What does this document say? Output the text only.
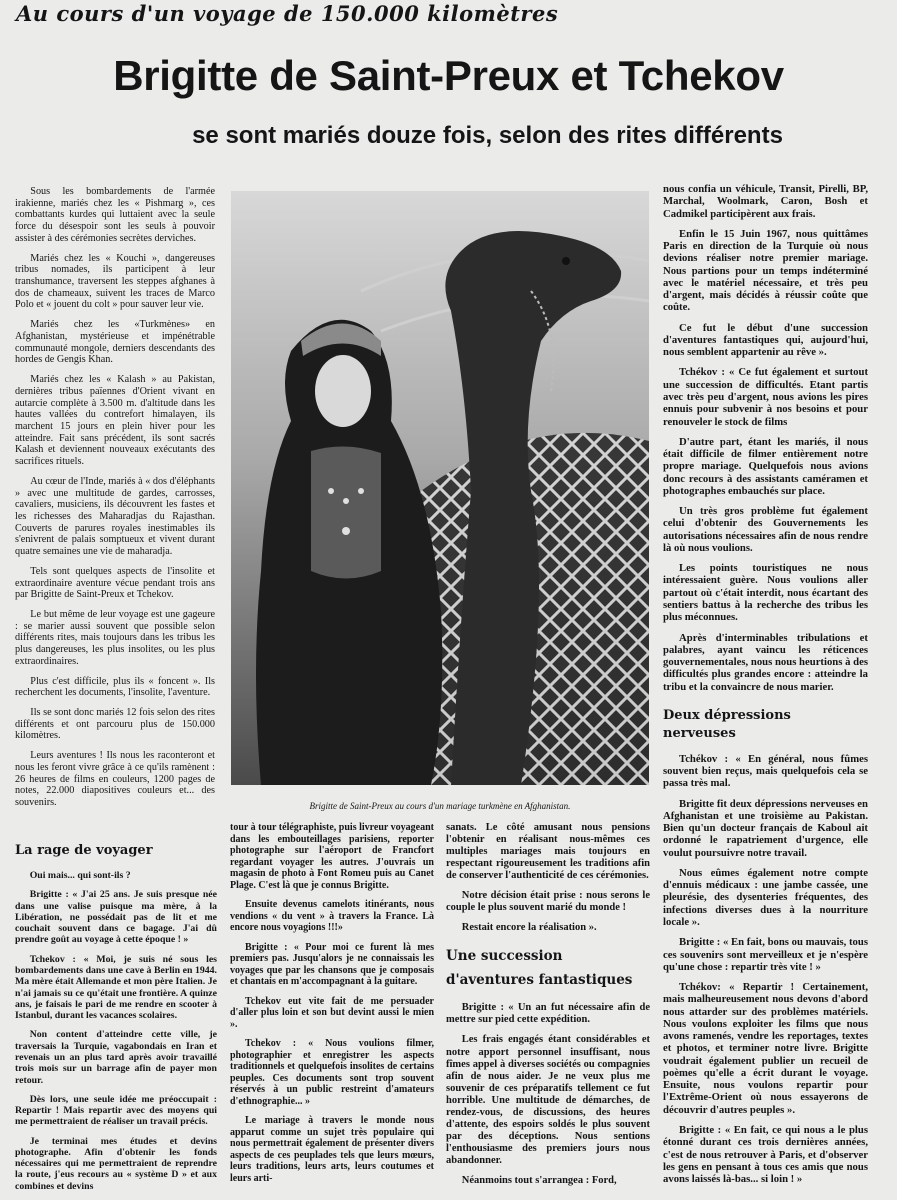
Au cours d'un voyage de 150.000 kilomètres
Brigitte de Saint-Preux et Tchekov
se sont mariés douze fois, selon des rites différents

Sous les bombardements de l'armée irakienne, mariés chez les « Pishmarg », ces combattants kurdes qui luttaient avec la seule force du désespoir sont les seuls à pouvoir assister à des cérémonies secrètes derviches.

Mariés chez les « Kouchi », dangereuses tribus nomades, ils participent à leur transhumance, traversent les steppes afghanes à dos de chameaux, suivent les traces de Marco Polo et « jouent du colt » pour sauver leur vie.

Mariés chez les «Turkmènes» en Afghanistan, mystérieuse et impénétrable communauté mongole, derniers descendants des hordes de Gengis Khan.

Mariés chez les « Kalash » au Pakistan, dernières tribus païennes d'Orient vivant en autarcie complète à 3.500 m. d'altitude dans les hautes vallées du contrefort himalayen, ils marchent 15 jours en plein hiver pour les atteindre. Fait sans précédent, ils sont sacrés Kalash et deviennent nouveaux exécutants des sacrifices rituels.

Au cœur de l'Inde, mariés à « dos d'éléphants » avec une multitude de gardes, carrosses, cavaliers, musiciens, ils découvrent les fastes et les richesses des Maharadjas du Rajasthan. Couverts de parures royales inestimables ils s'enivrent de palais somptueux et vivent durant quatre semaines une vie de maharadja.

Tels sont quelques aspects de l'insolite et extraordinaire aventure vécue pendant trois ans par Brigitte de Saint-Preux et Tchekov.

Le but même de leur voyage est une gageure : se marier aussi souvent que possible selon différents rites, mais toujours dans les tribus les plus dangereuses, les plus insolites, ou les plus extraordinaires.

Plus c'est difficile, plus ils « foncent ». Ils recherchent les documents, l'insolite, l'aventure.

Ils se sont donc mariés 12 fois selon des rites différents et ont parcouru plus de 150.000 kilomètres.

Leurs aventures ! Ils nous les raconteront et nous les feront vivre grâce à ce qu'ils ramènent : 26 heures de films en couleurs, 1200 pages de notes, 22.000 diapositives couleurs et... des souvenirs.	Brigitte de Saint-Preux au cours d'un mariage turkmène en Afghanistan.
La rage de voyager

Oui mais... qui sont-ils ?

Brigitte : « J'ai 25 ans. Je suis presque née dans une valise puisque ma mère, à la Libération, ne possédait pas de lit et me couchait souvent dans ce bagage. J'ai dû prendre goût au voyage à cette époque ! »

Tchekov : « Moi, je suis né sous les bombardements dans une cave à Berlin en 1944. Ma mère était Allemande et mon père Italien. Je n'ai jamais su ce qu'était une frontière. A quinze ans, je faisais le pari de me rendre en scooter à Istanbul, durant les vacances scolaires.

Non content d'atteindre cette ville, je traversais la Turquie, vagabondais en Iran et revenais un an plus tard après avoir travaillé trois mois sur un barrage afin de payer mon retour.

Dès lors, une seule idée me préoccupait : Repartir ! Mais repartir avec des moyens qui me permettraient de réaliser un travail précis.

Je terminai mes études et devins photographe. Afin d'obtenir les fonds nécessaires qui me permettraient de reprendre la route, j'eus recours au « système D » et aux combines et devins

tour à tour télégraphiste, puis livreur voyageant dans les embouteillages parisiens, reporter photographe sur l'aéroport de Francfort regardant voyager les autres. J'ouvrais un magasin de photo à Font Romeu puis au Canet Plage. C'est là que je connus Brigitte.

Ensuite devenus camelots itinérants, nous vendions « du vent » à travers la France. Là encore nous voyagions !!!»

Brigitte : « Pour moi ce furent là mes premiers pas. Jusqu'alors je ne connaissais les voyages que par les chansons que je composais et chantais en m'accompagnant à la guitare.

Tchekov eut vite fait de me persuader d'aller plus loin et son but devint aussi le mien ».

Tchekov : « Nous voulions filmer, photographier et enregistrer les aspects traditionnels et quelquefois insolites de certains peuples. Ces documents sont trop souvent réservés à un public restreint d'amateurs d'ethnographie... »

Le mariage à travers le monde nous apparut comme un sujet très populaire qui nous permettrait également de présenter divers aspects de ces peuplades tels que leurs mœurs, leurs traditions, leurs arts, leurs coutumes et leurs arti-

sanats. Le côté amusant nous pensions l'obtenir en réalisant nous-mêmes ces multiples mariages mais toujours en respectant rigoureusement les traditions afin de conserver l'authenticité de ces cérémonies.

Notre décision était prise : nous serons le couple le plus souvent marié du monde !

Restait encore la réalisation ».

Une succession d'aventures fantastiques

Brigitte : « Un an fut nécessaire afin de mettre sur pied cette expédition.

Les frais engagés étant considérables et notre apport personnel insuffisant, nous fîmes appel à diverses sociétés ou compagnies afin de nous aider. Je ne veux plus me souvenir de ces préparatifs tellement ce fut horrible. Une multitude de démarches, de rendez-vous, de discussions, des heures d'attente, des espoirs soldés le plus souvent par des déceptions. Nous sentions l'enthousiasme des premiers jours nous abandonner.

Néanmoins tout s'arrangea : Ford,

nous confia un véhicule, Transit, Pirelli, BP, Marchal, Woolmark, Caron, Bosh et Cadmikel participèrent aux frais.

Enfin le 15 Juin 1967, nous quittâmes Paris en direction de la Turquie où nous devions réaliser notre premier mariage. Nous partions pour un temps indéterminé avec le matériel nécessaire, et très peu d'argent, mais décidés à réussir coûte que coûte.

Ce fut le début d'une succession d'aventures fantastiques qui, aujourd'hui, nous semblent appartenir au rêve ».

Tchékov : « Ce fut également et surtout une succession de difficultés. Etant partis avec très peu d'argent, nous avions les pires ennuis pour subvenir à nos besoins et pour renouveler le stock de films

D'autre part, étant les mariés, il nous était difficile de filmer entièrement notre propre mariage. Quelquefois nous avions donc recours à des assistants caméramen et photographes embauchés sur place.

Un très gros problème fut également celui d'obtenir des Gouvernements les autorisations nécessaires afin de nous rendre là où nous voulions.

Les points touristiques ne nous intéressaient guère. Nous voulions aller partout où c'était interdit, nous écartant des sentiers battus à la recherche des tribus les plus méconnues.

Après d'interminables tribulations et palabres, ayant vaincu les réticences gouvernementales, nous nous heurtions à des difficultés plus grandes encore : atteindre la tribu et la convaincre de nous marier.

Deux dépressions nerveuses

Tchékov : « En général, nous fûmes souvent bien reçus, mais quelquefois cela se passa très mal.

Brigitte fit deux dépressions nerveuses en Afghanistan et une troisième au Pakistan. Bien qu'un docteur français de Kaboul ait ordonné le rapatriement d'urgence, elle voulut poursuivre notre travail.

Nous eûmes également notre compte d'ennuis médicaux : une jambe cassée, une pleurésie, des dysenteries fréquentes, des infections diverses dues à la nourriture locale ».

Brigitte : « En fait, bons ou mauvais, tous ces souvenirs sont merveilleux et je n'espère qu'une chose : repartir très vite ! »

Tchékov: « Repartir ! Certainement, mais malheureusement nous devons d'abord nous attarder sur des problèmes matériels. Nous voulons exploiter les films que nous avons ramenés, vendre les reportages, textes et photos, et terminer notre livre. Brigitte voudrait également publier un recueil de poèmes qu'elle a écrit durant le voyage. Ensuite, nous voulons repartir pour l'Extrême-Orient où nous essayerons de découvrir d'autres peuples ».

Brigitte : « En fait, ce qui nous a le plus étonné durant ces trois dernières années, c'est de nous retrouver à Paris, et d'observer les gens en pensant à tous ces amis que nous avons laissés là-bas... si loin ! »
